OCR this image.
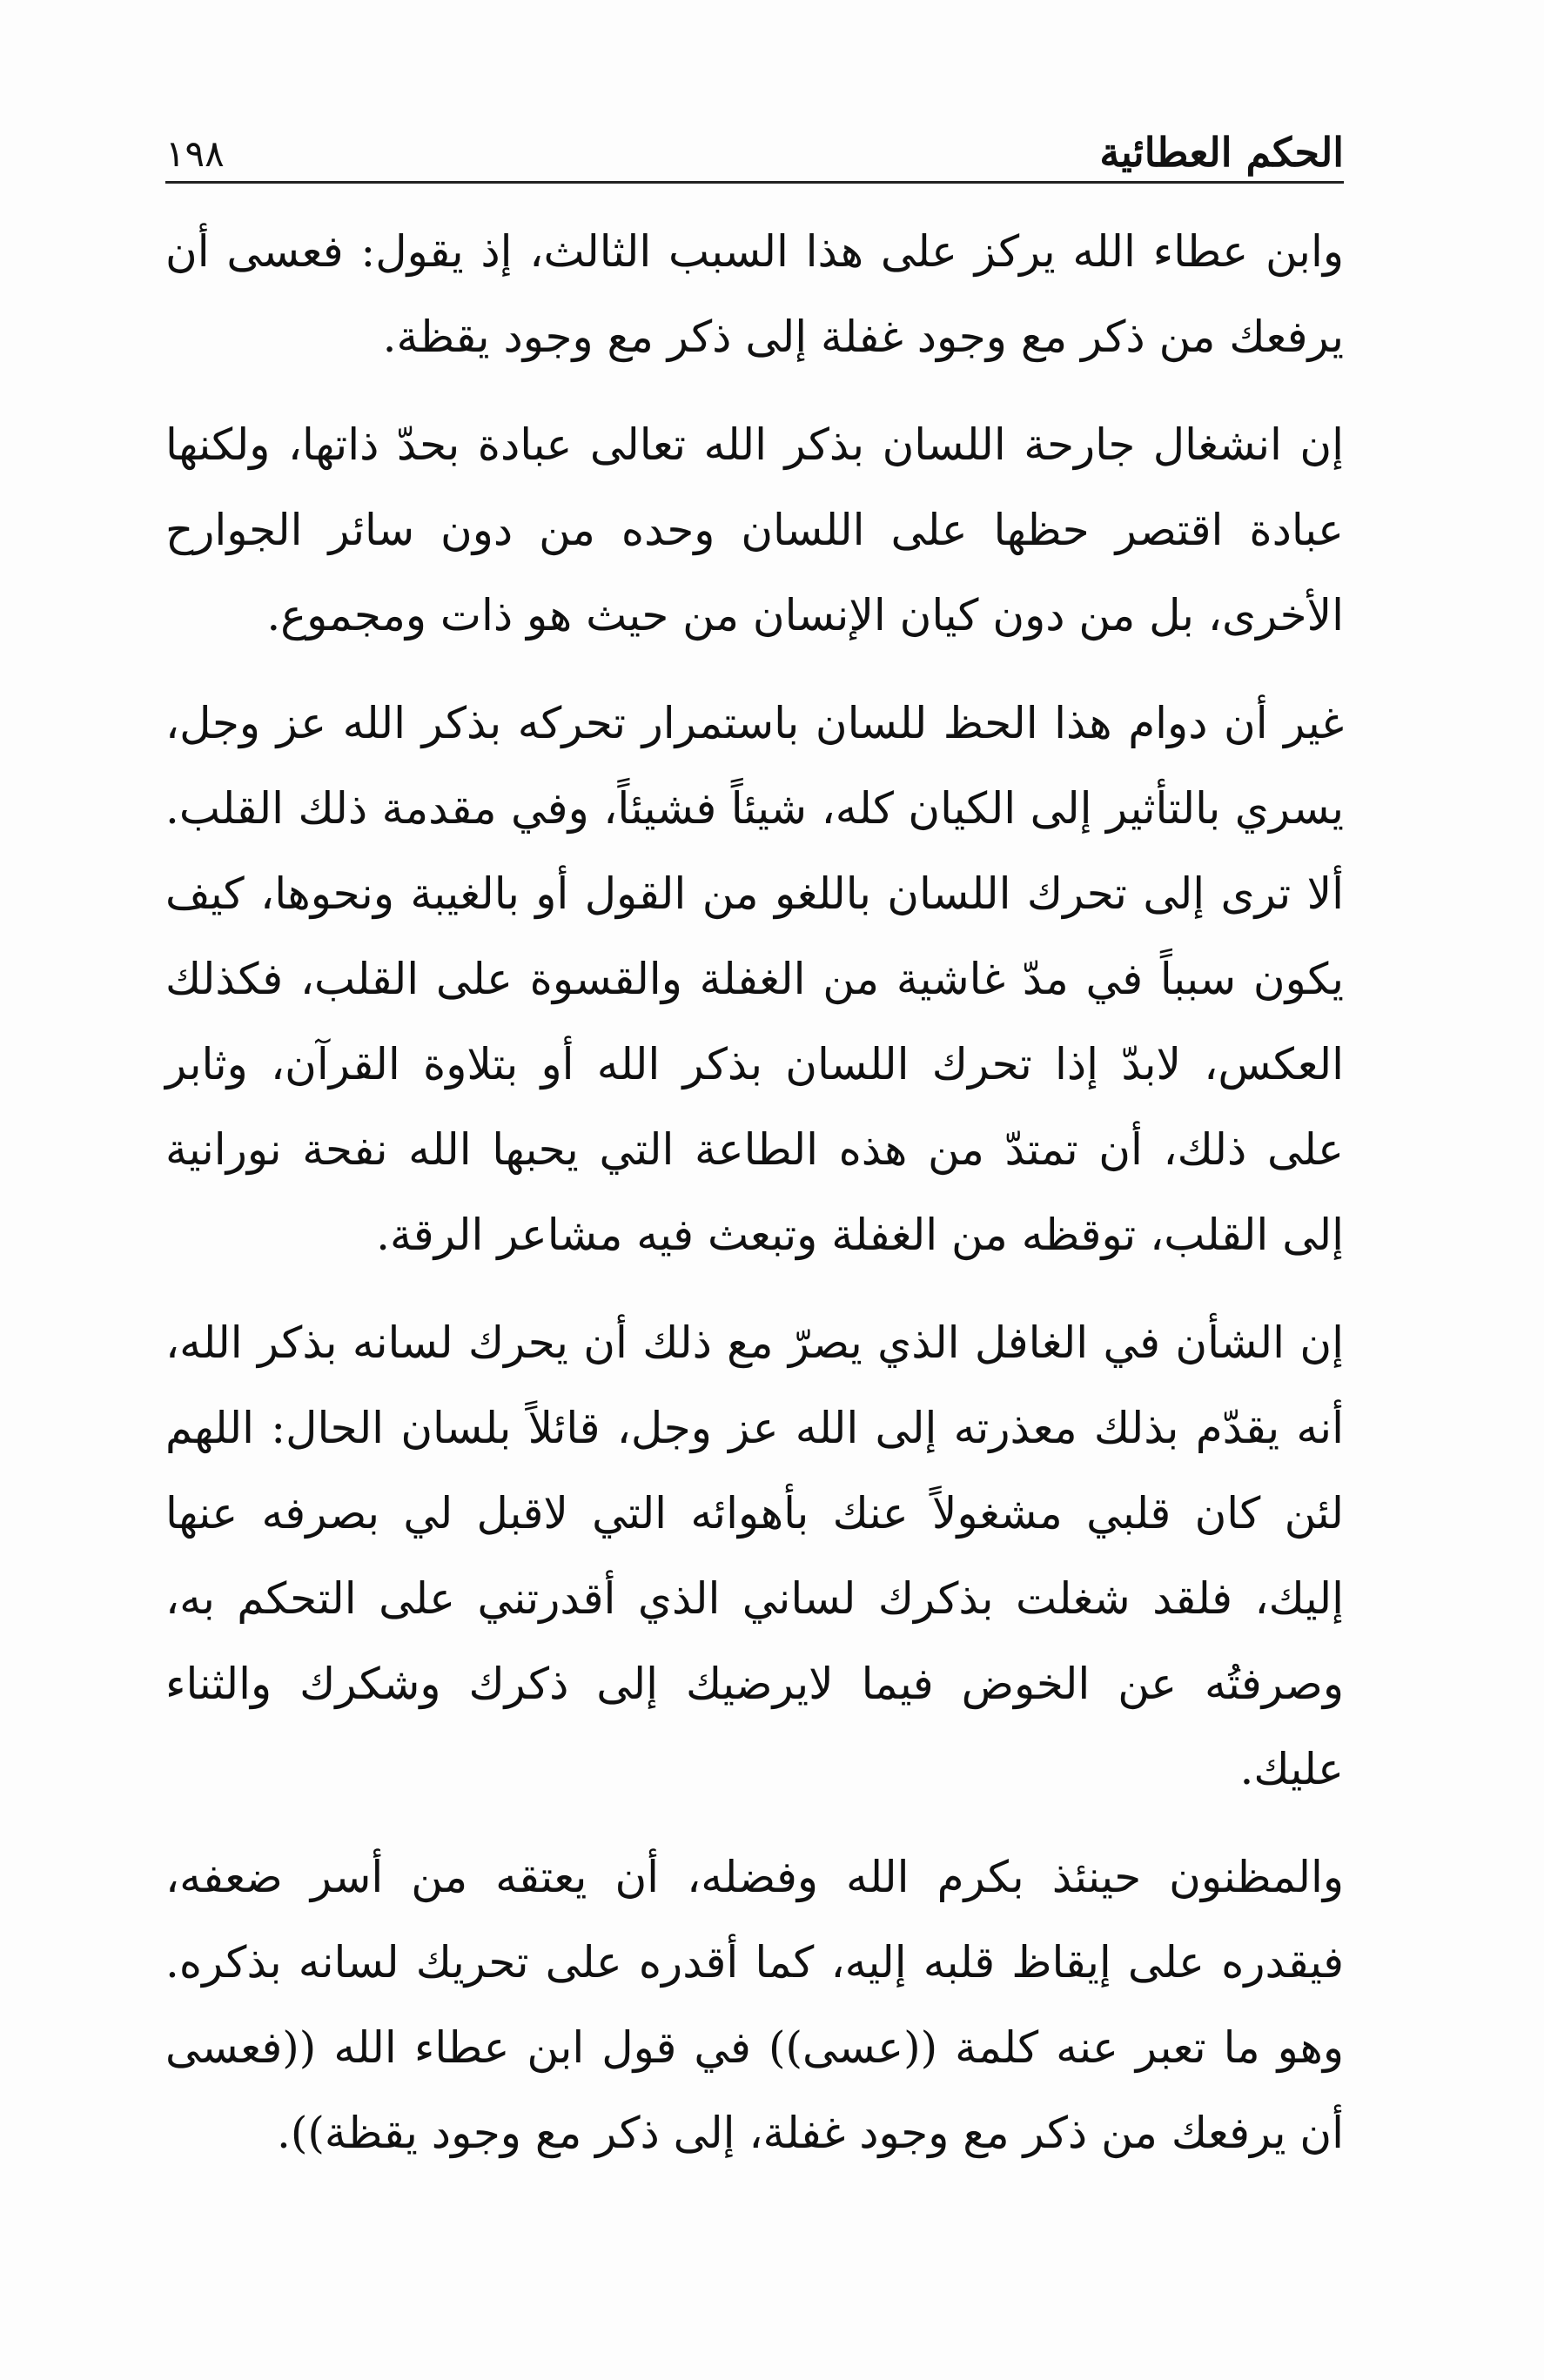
الحكم العطائية
١٩٨

وابن عطاء الله يركز على هذا السبب الثالث، إذ يقول: فعسى أن يرفعك من ذكر مع وجود غفلة إلى ذكر مع وجود يقظة.

إن انشغال جارحة اللسان بذكر الله تعالى عبادة بحدّ ذاتها، ولكنها عبادة اقتصر حظها على اللسان وحده من دون سائر الجوارح الأخرى، بل من دون كيان الإنسان من حيث هو ذات ومجموع.

غير أن دوام هذا الحظ للسان باستمرار تحركه بذكر الله عز وجل، يسري بالتأثير إلى الكيان كله، شيئاً فشيئاً، وفي مقدمة ذلك القلب. ألا ترى إلى تحرك اللسان باللغو من القول أو بالغيبة ونحوها، كيف يكون سبباً في مدّ غاشية من الغفلة والقسوة على القلب، فكذلك العكس، لابدّ إذا تحرك اللسان بذكر الله أو بتلاوة القرآن، وثابر على ذلك، أن تمتدّ من هذه الطاعة التي يحبها الله نفحة نورانية إلى القلب، توقظه من الغفلة وتبعث فيه مشاعر الرقة.

إن الشأن في الغافل الذي يصرّ مع ذلك أن يحرك لسانه بذكر الله، أنه يقدّم بذلك معذرته إلى الله عز وجل، قائلاً بلسان الحال: اللهم لئن كان قلبي مشغولاً عنك بأهوائه التي لاقبل لي بصرفه عنها إليك، فلقد شغلت بذكرك لساني الذي أقدرتني على التحكم به، وصرفتُه عن الخوض فيما لايرضيك إلى ذكرك وشكرك والثناء عليك.

والمظنون حينئذ بكرم الله وفضله، أن يعتقه من أسر ضعفه، فيقدره على إيقاظ قلبه إليه، كما أقدره على تحريك لسانه بذكره. وهو ما تعبر عنه كلمة ((عسى)) في قول ابن عطاء الله ((فعسى أن يرفعك من ذكر مع وجود غفلة، إلى ذكر مع وجود يقظة)).
